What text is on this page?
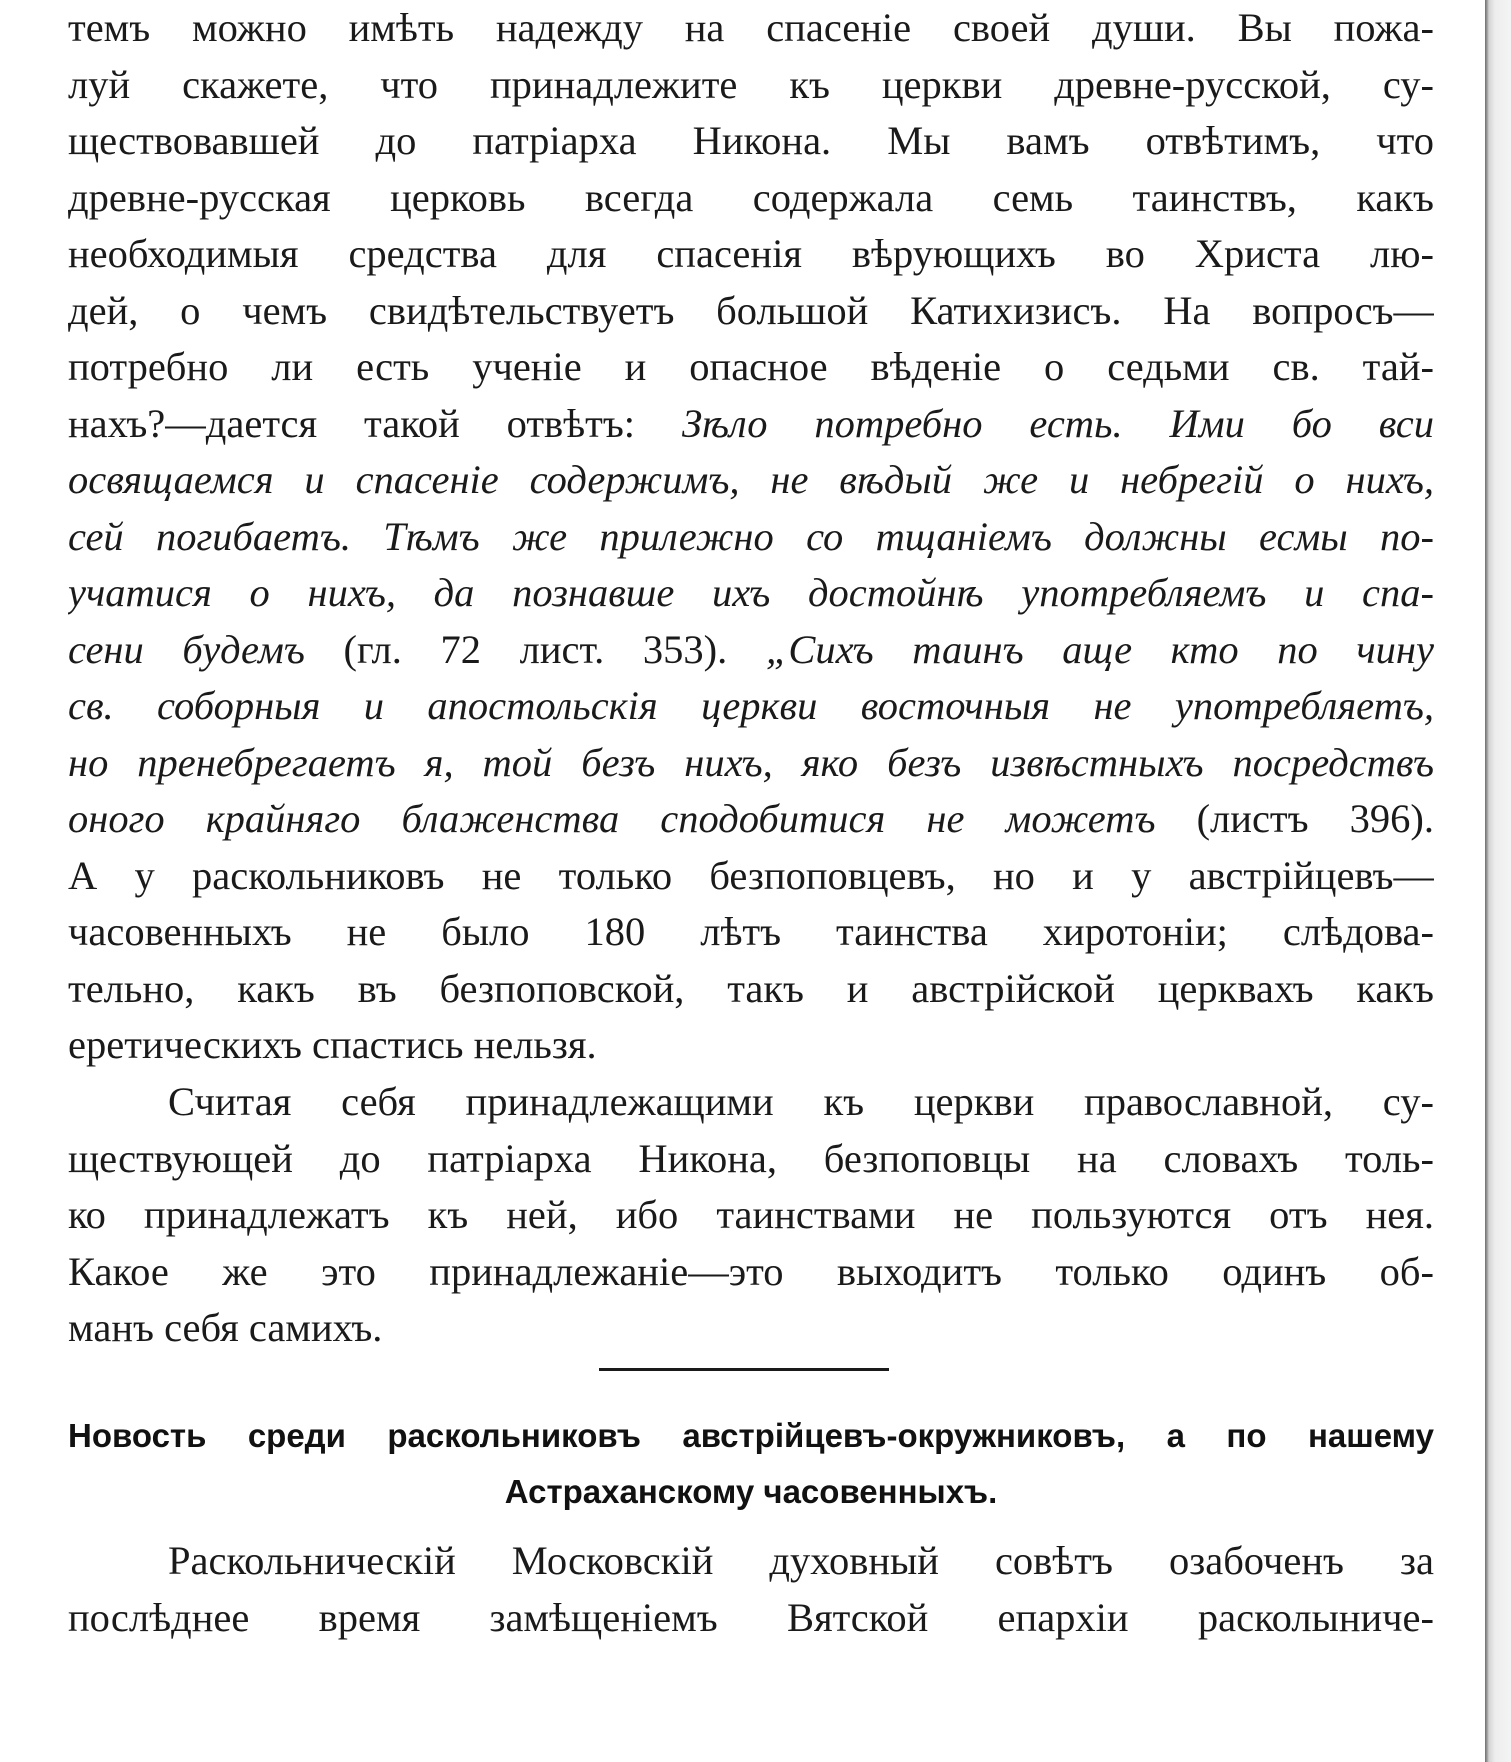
темъ можно имѣть надежду на спасеніе своей души. Вы пожа-
луй скажете, что принадлежите къ церкви древне-русской, су-
ществовавшей до патріарха Никона. Мы вамъ отвѣтимъ, что
древне-русская церковь всегда содержала семь таинствъ, какъ
необходимыя средства для спасенія вѣрующихъ во Христа лю-
дей, о чемъ свидѣтельствуетъ большой Катихизисъ. На вопросъ—
потребно ли есть ученіе и опасное вѣденіе о седьми св. тай-
нахъ?—дается такой отвѣтъ: Зѣло потребно есть. Ими бо вси
освящаемся и спасеніе содержимъ, не вѣдый же и небрегій о нихъ,
сей погибаетъ. Тѣмъ же прилежно со тщаніемъ должны есмы по-
учатися о нихъ, да познавше ихъ достойнѣ употребляемъ и спа-
сени будемъ (гл. 72 лист. 353). „Сихъ таинъ аще кто по чину
св. соборныя и апостольскія церкви восточныя не употребляетъ,
но пренебрегаетъ я, той безъ нихъ, яко безъ извѣстныхъ посредствъ
оного крайняго блаженства сподобитися не можетъ (листъ 396).
А у раскольниковъ не только безпоповцевъ, но и у австрійцевъ—
часовенныхъ не было 180 лѣтъ таинства хиротоніи; слѣдова-
тельно, какъ въ безпоповской, такъ и австрійской церквахъ какъ
еретическихъ спастись нельзя.
Считая себя принадлежащими къ церкви православной, су-
ществующей до патріарха Никона, безпоповцы на словахъ толь-
ко принадлежатъ къ ней, ибо таинствами не пользуются отъ нея.
Какое же это принадлежаніе—это выходитъ только одинъ об-
манъ себя самихъ.
Новость среди раскольниковъ австрійцевъ-окружниковъ, а по нашему
Астраханскому часовенныхъ.
Раскольническій Московскій духовный совѣтъ озабоченъ за
послѣднее время замѣщеніемъ Вятской епархіи расколыниче-
